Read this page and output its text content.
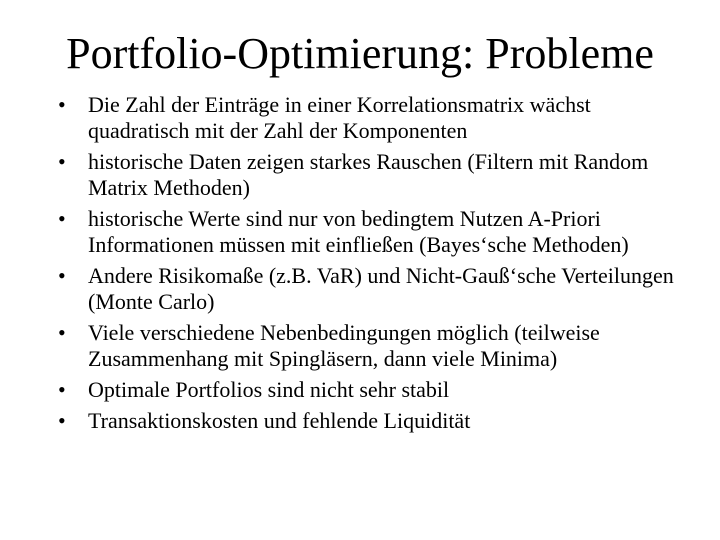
Portfolio-Optimierung: Probleme
•	Die Zahl der Einträge in einer Korrelationsmatrix wächst quadratisch mit der Zahl der Komponenten
•	historische Daten zeigen starkes Rauschen (Filtern mit Random Matrix Methoden)
•	historische Werte sind nur von bedingtem Nutzen A-Priori Informationen müssen mit einfließen (Bayes‘sche Methoden)
•	Andere Risikomaße (z.B. VaR) und Nicht-Gauß‘sche Verteilungen (Monte Carlo)
•	Viele verschiedene Nebenbedingungen möglich (teilweise Zusammenhang mit Spingläsern, dann viele Minima)
•	Optimale Portfolios sind nicht sehr stabil
•	Transaktionskosten und fehlende Liquidität
